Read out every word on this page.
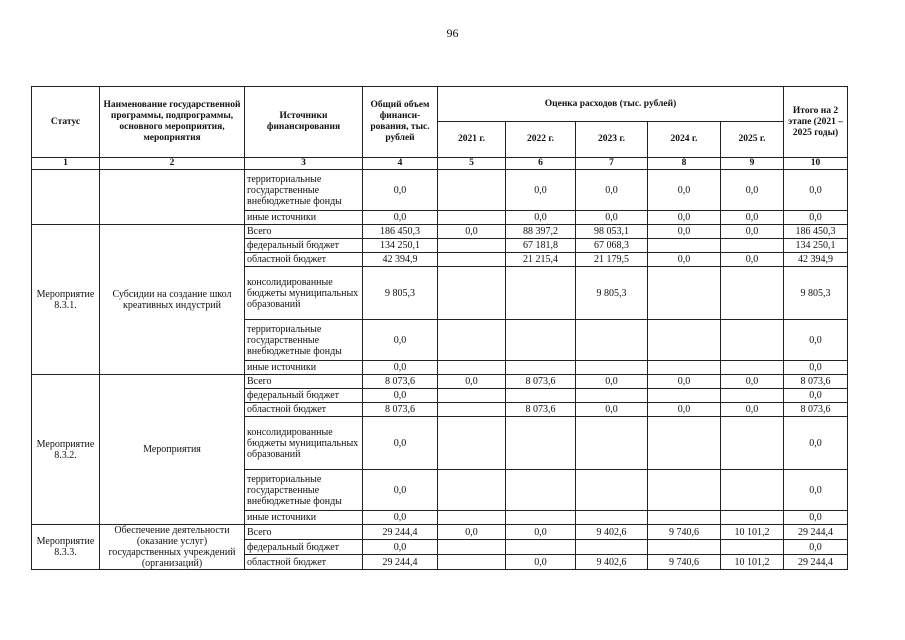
96
Статус	Наименование государственной программы, подпрограммы, основного мероприятия, мероприятия	Источники финансирования	Общий объем финанси-рования, тыс. рублей	Оценка расходов (тыс. рублей)					Итого на 2 этапе (2021 – 2025 годы)
				2021 г.	2022 г.	2023 г.	2024 г.	2025 г.	
1	2	3	4	5	6	7	8	9	10
		территориальные государственные внебюджетные фонды	0,0		0,0	0,0	0,0	0,0	0,0
		иные источники	0,0		0,0	0,0	0,0	0,0	0,0
Мероприятие 8.3.1.	Субсидии на создание школ креативных индустрий	Всего	186 450,3	0,0	88 397,2	98 053,1	0,0	0,0	186 450,3
		федеральный бюджет	134 250,1		67 181,8	67 068,3			134 250,1
		областной бюджет	42 394,9		21 215,4	21 179,5	0,0	0,0	42 394,9
		консолидированные бюджеты муниципальных образований	9 805,3			9 805,3			9 805,3
		территориальные государственные внебюджетные фонды	0,0						0,0
		иные источники	0,0						0,0
Мероприятие 8.3.2.	Мероприятия	Всего	8 073,6	0,0	8 073,6	0,0	0,0	0,0	8 073,6
		федеральный бюджет	0,0						0,0
		областной бюджет	8 073,6		8 073,6	0,0	0,0	0,0	8 073,6
		консолидированные бюджеты муниципальных образований	0,0						0,0
		территориальные государственные внебюджетные фонды	0,0						0,0
		иные источники	0,0						0,0
Мероприятие 8.3.3.	Обеспечение деятельности (оказание услуг) государственных учреждений (организаций)	Всего	29 244,4	0,0	0,0	9 402,6	9 740,6	10 101,2	29 244,4
		федеральный бюджет	0,0						0,0
		областной бюджет	29 244,4		0,0	9 402,6	9 740,6	10 101,2	29 244,4
